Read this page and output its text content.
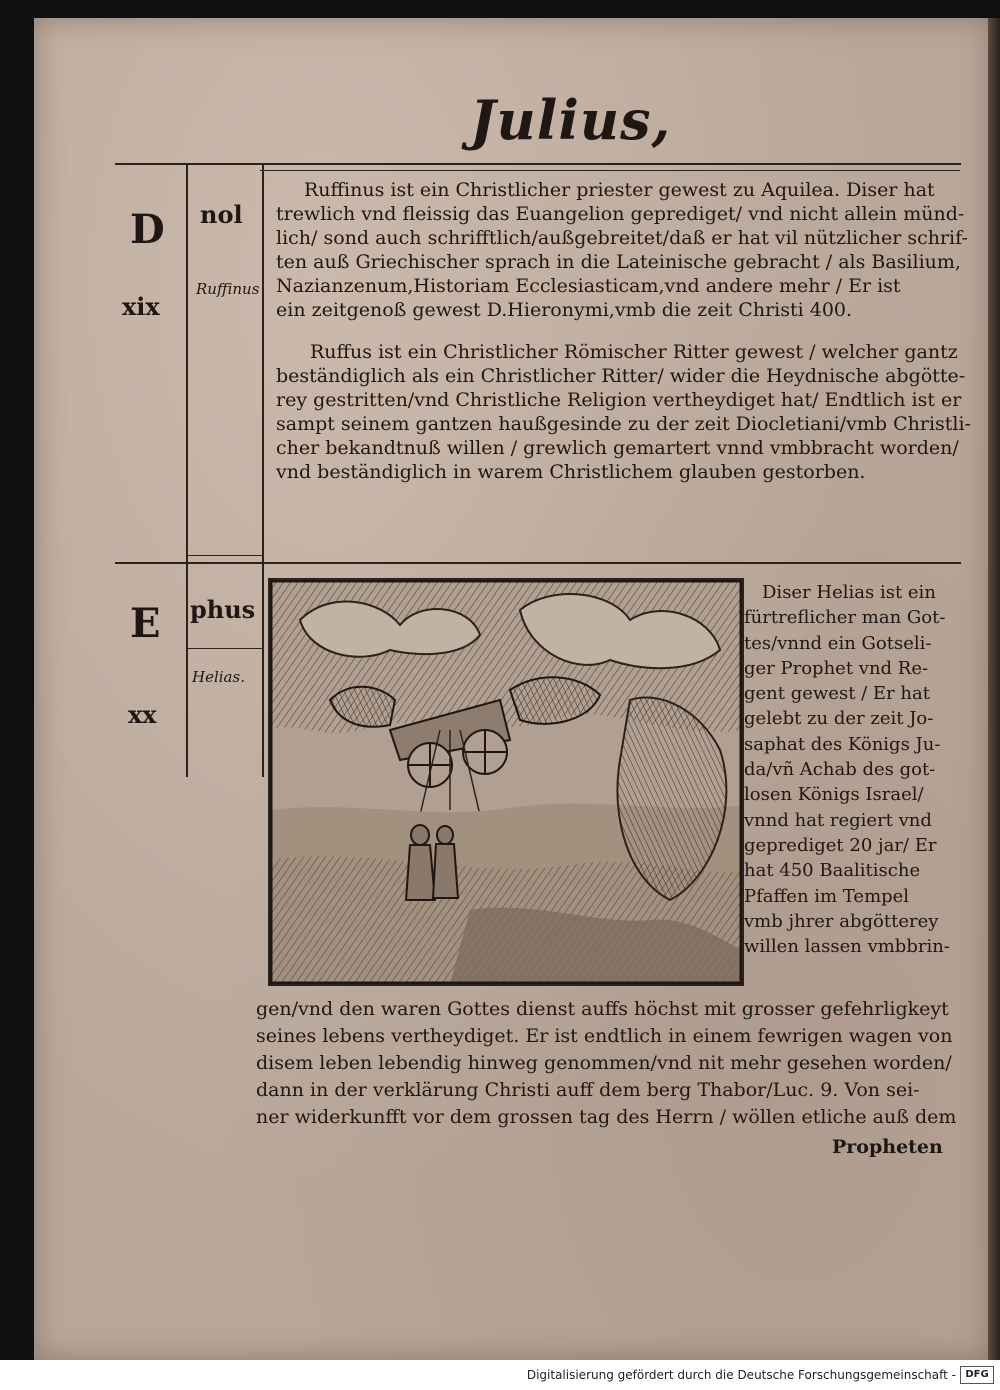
Julius,
D nol
xix
Ruffinus
E phus
xx
Helias.
Ruffinus ist ein Christlicher priester gewest zu Aquilea. Diser hat
trewlich vnd fleissig das Euangelion geprediget/ vnd nicht allein münd-
lich/ sond auch schrifftlich/außgebreitet/daß er hat vil nützlicher schrif-
ten auß Griechischer sprach in die Lateinische gebracht / als Basilium,
Nazianzenum,Historiam Ecclesiasticam,vnd andere mehr / Er ist
ein zeitgenoß gewest D.Hieronymi,vmb die zeit Christi 400.
Ruffus ist ein Christlicher Römischer Ritter gewest / welcher gantz
beständiglich als ein Christlicher Ritter/ wider die Heydnische abgötte-
rey gestritten/vnd Christliche Religion vertheydiget hat/ Endtlich ist er
sampt seinem gantzen haußgesinde zu der zeit Diocletiani/vmb Christli-
cher bekandtnuß willen / grewlich gemartert vnnd vmbbracht worden/
vnd beständiglich in warem Christlichem glauben gestorben.
Diser Helias ist ein
fürtreflicher man Got-
tes/vnnd ein Gotseli-
ger Prophet vnd Re-
gent gewest / Er hat
gelebt zu der zeit Jo-
saphat des Königs Ju-
da/vñ Achab des got-
losen Königs Israel/
vnnd hat regiert vnd
geprediget 20 jar/ Er
hat 450 Baalitische
Pfaffen im Tempel
vmb jhrer abgötterey
willen lassen vmbbrin-
gen/vnd den waren Gottes dienst auffs höchst mit grosser gefehrligkeyt
seines lebens vertheydiget. Er ist endtlich in einem fewrigen wagen von
disem leben lebendig hinweg genommen/vnd nit mehr gesehen worden/
dann in der verklärung Christi auff dem berg Thabor/Luc. 9. Von sei-
ner widerkunfft vor dem grossen tag des Herrn / wöllen etliche auß dem
Propheten
Digitalisierung gefördert durch die Deutsche Forschungsgemeinschaft - DFG
